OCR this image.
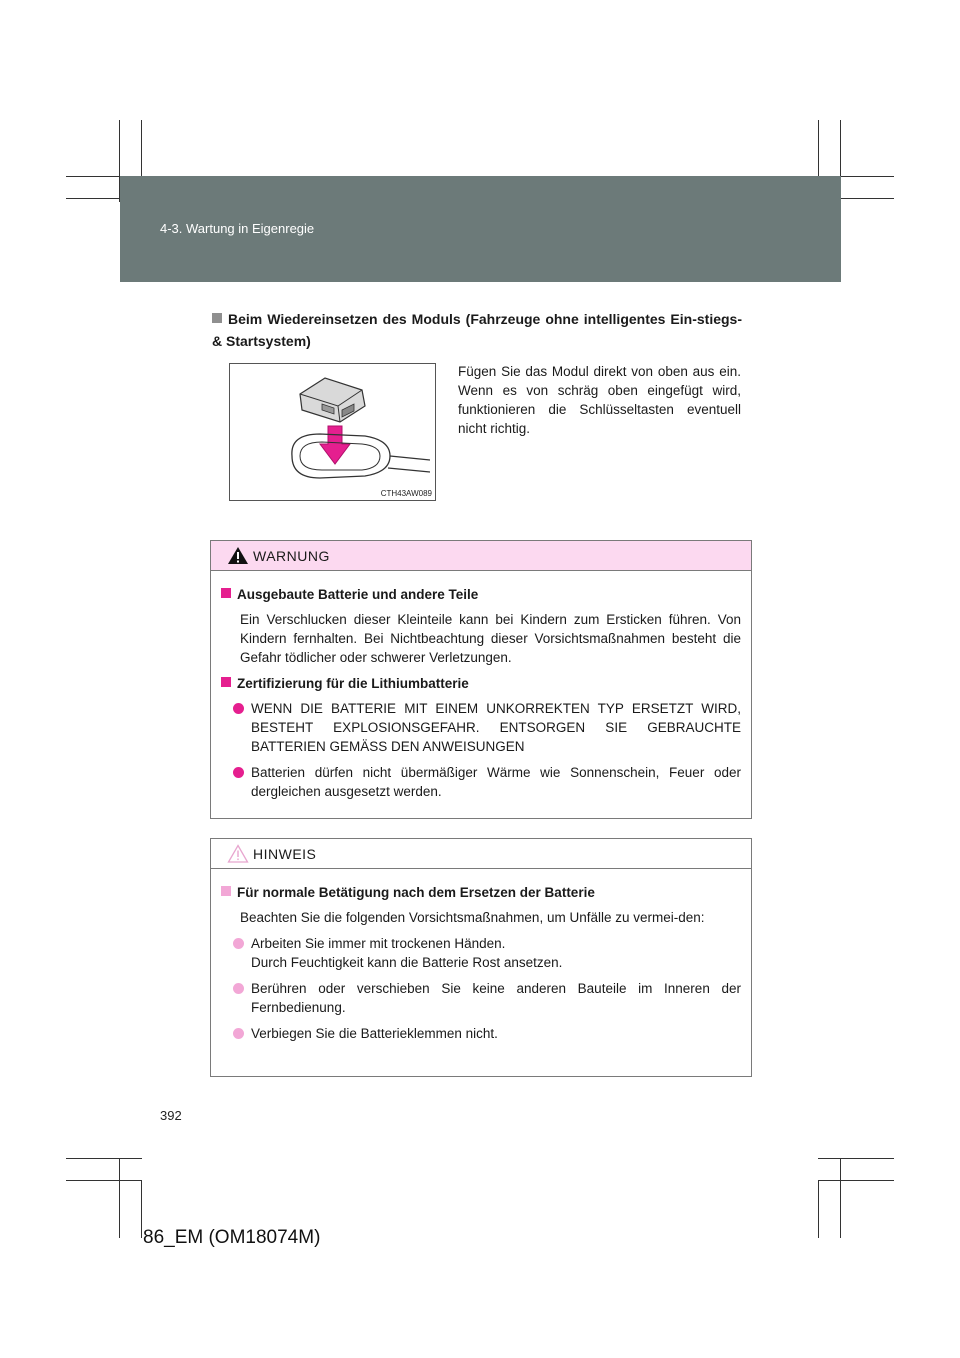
4-3. Wartung in Eigenregie
Beim Wiedereinsetzen des Moduls (Fahrzeuge ohne intelligentes Ein-stiegs- & Startsystem)
CTH43AW089
Fügen Sie das Modul direkt von oben aus ein. Wenn es von schräg oben eingefügt wird, funktionieren die Schlüsseltasten eventuell nicht richtig.
WARNUNG
Ausgebaute Batterie und andere Teile
Ein Verschlucken dieser Kleinteile kann bei Kindern zum Ersticken führen. Von Kindern fernhalten. Bei Nichtbeachtung dieser Vorsichtsmaßnahmen besteht die Gefahr tödlicher oder schwerer Verletzungen.
Zertifizierung für die Lithiumbatterie
WENN DIE BATTERIE MIT EINEM UNKORREKTEN TYP ERSETZT WIRD, BESTEHT EXPLOSIONSGEFAHR. ENTSORGEN SIE GEBRAUCHTE BATTERIEN GEMÄSS DEN ANWEISUNGEN
Batterien dürfen nicht übermäßiger Wärme wie Sonnenschein, Feuer oder dergleichen ausgesetzt werden.
HINWEIS
Für normale Betätigung nach dem Ersetzen der Batterie
Beachten Sie die folgenden Vorsichtsmaßnahmen, um Unfälle zu vermei-den:
Arbeiten Sie immer mit trockenen Händen.
Durch Feuchtigkeit kann die Batterie Rost ansetzen.
Berühren oder verschieben Sie keine anderen Bauteile im Inneren der Fernbedienung.
Verbiegen Sie die Batterieklemmen nicht.
392
86_EM (OM18074M)
